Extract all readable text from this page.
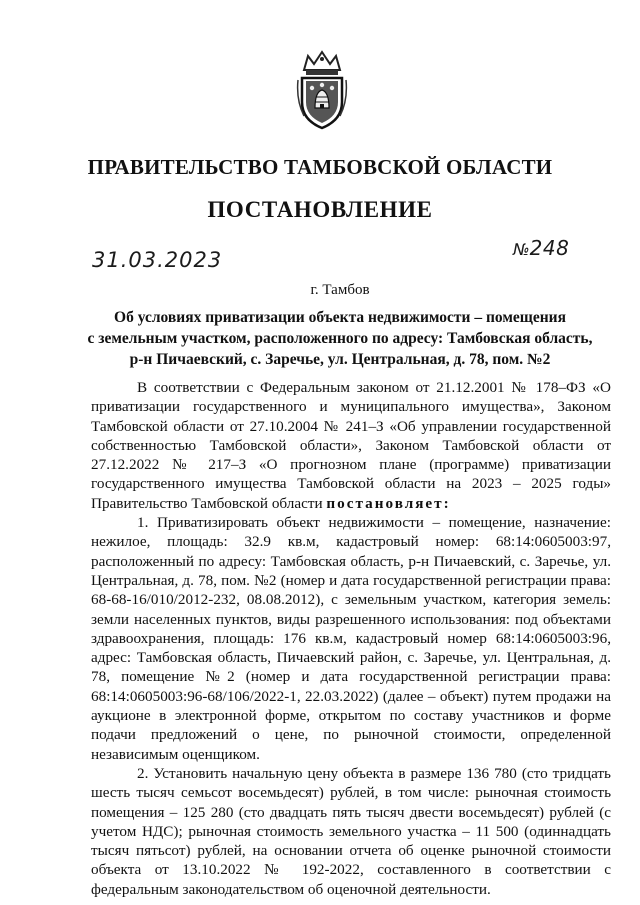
ПРАВИТЕЛЬСТВО ТАМБОВСКОЙ ОБЛАСТИ
ПОСТАНОВЛЕНИЕ
31.03.2023	№248
г. Тамбов
Об условиях приватизации объекта недвижимости – помещения
с земельным участком, расположенного по адресу: Тамбовская область,
р-н Пичаевский, с. Заречье, ул. Центральная, д. 78, пом. №2

В соответствии с Федеральным законом от 21.12.2001 № 178–ФЗ «О приватизации государственного и муниципального имущества», Законом Тамбовской области от 27.10.2004 № 241–З «Об управлении государственной собственностью Тамбовской области», Законом Тамбовской области от 27.12.2022 № 217–З «О прогнозном плане (программе) приватизации государственного имущества Тамбовской области на 2023 – 2025 годы» Правительство Тамбовской области постановляет:

1. Приватизировать объект недвижимости – помещение, назначение: нежилое, площадь: 32.9 кв.м, кадастровый номер: 68:14:0605003:97, расположенный по адресу: Тамбовская область, р-н Пичаевский, с. Заречье, ул. Центральная, д. 78, пом. №2 (номер и дата государственной регистрации права: 68-68-16/010/2012-232, 08.08.2012), с земельным участком, категория земель: земли населенных пунктов, виды разрешенного использования: под объектами здравоохранения, площадь: 176 кв.м, кадастровый номер 68:14:0605003:96, адрес: Тамбовская область, Пичаевский район, с. Заречье, ул. Центральная, д. 78, помещение №2 (номер и дата государственной регистрации права: 68:14:0605003:96-68/106/2022-1, 22.03.2022) (далее – объект) путем продажи на аукционе в электронной форме, открытом по составу участников и форме подачи предложений о цене, по рыночной стоимости, определенной независимым оценщиком.

2. Установить начальную цену объекта в размере 136 780 (сто тридцать шесть тысяч семьсот восемьдесят) рублей, в том числе: рыночная стоимость помещения – 125 280 (сто двадцать пять тысяч двести восемьдесят) рублей (с учетом НДС); рыночная стоимость земельного участка – 11 500 (одиннадцать тысяч пятьсот) рублей, на основании отчета об оценке рыночной стоимости объекта от 13.10.2022 № 192-2022, составленного в соответствии с федеральным законодательством об оценочной деятельности.
